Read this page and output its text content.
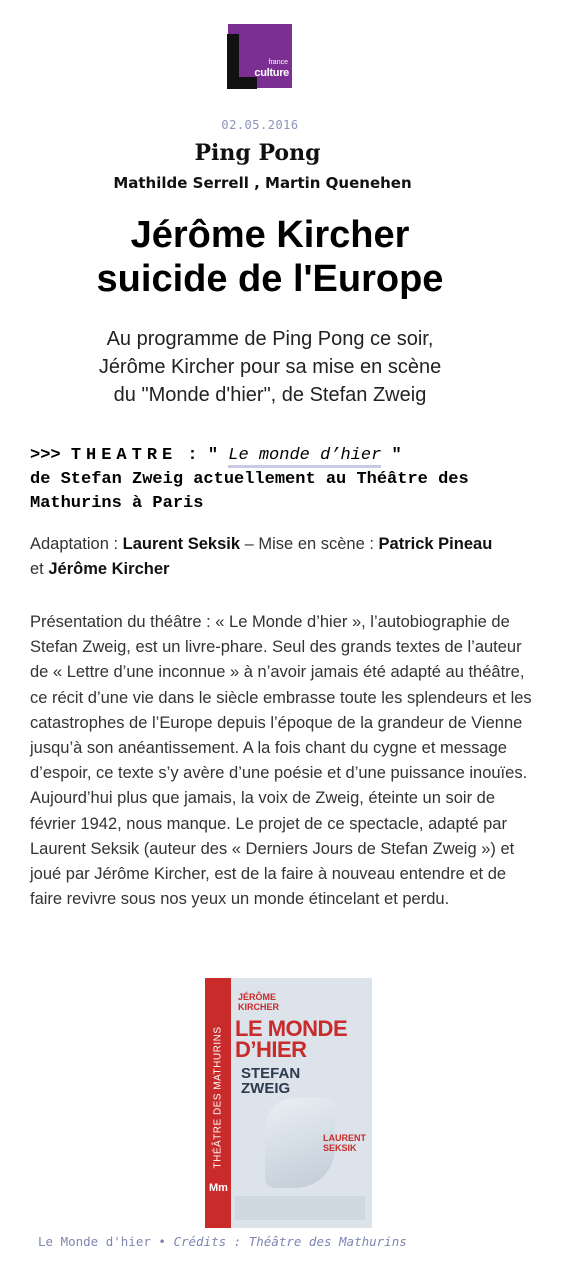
france
culture
02.05.2016
Ping Pong
Mathilde Serrell , Martin Quenehen
Jérôme Kircher
suicide de l'Europe
Au programme de Ping Pong ce soir,
Jérôme Kircher pour sa mise en scène
du "Monde d'hier", de Stefan Zweig
>>> THEATRE : " Le monde d’hier "
de Stefan Zweig actuellement au Théâtre des Mathurins à Paris
Adaptation : Laurent Seksik – Mise en scène : Patrick Pineau
et Jérôme Kircher
Présentation du théâtre : « Le Monde d’hier », l’autobiographie de Stefan Zweig, est un livre-phare. Seul des grands textes de l’auteur de « Lettre d’une inconnue » à n’avoir jamais été adapté au théâtre, ce récit d’une vie dans le siècle embrasse toute les splendeurs et les catastrophes de l’Europe depuis l’époque de la grandeur de Vienne jusqu’à son anéantissement. A la fois chant du cygne et message d’espoir, ce texte s’y avère d’une poésie et d’une puissance inouïes. Aujourd’hui plus que jamais, la voix de Zweig, éteinte un soir de février 1942, nous manque. Le projet de ce spectacle, adapté par Laurent Seksik (auteur des « Derniers Jours de Stefan Zweig ») et joué par Jérôme Kircher, est de la faire à nouveau entendre et de faire revivre sous nos yeux un monde étincelant et perdu.
THÉÂTRE DES MATHURINS
Mm
JÉRÔME
KIRCHER
LE MONDE
D’HIER
STEFAN
ZWEIG
LAURENT
SEKSIK
Le Monde d'hier • Crédits : Théâtre des Mathurins
